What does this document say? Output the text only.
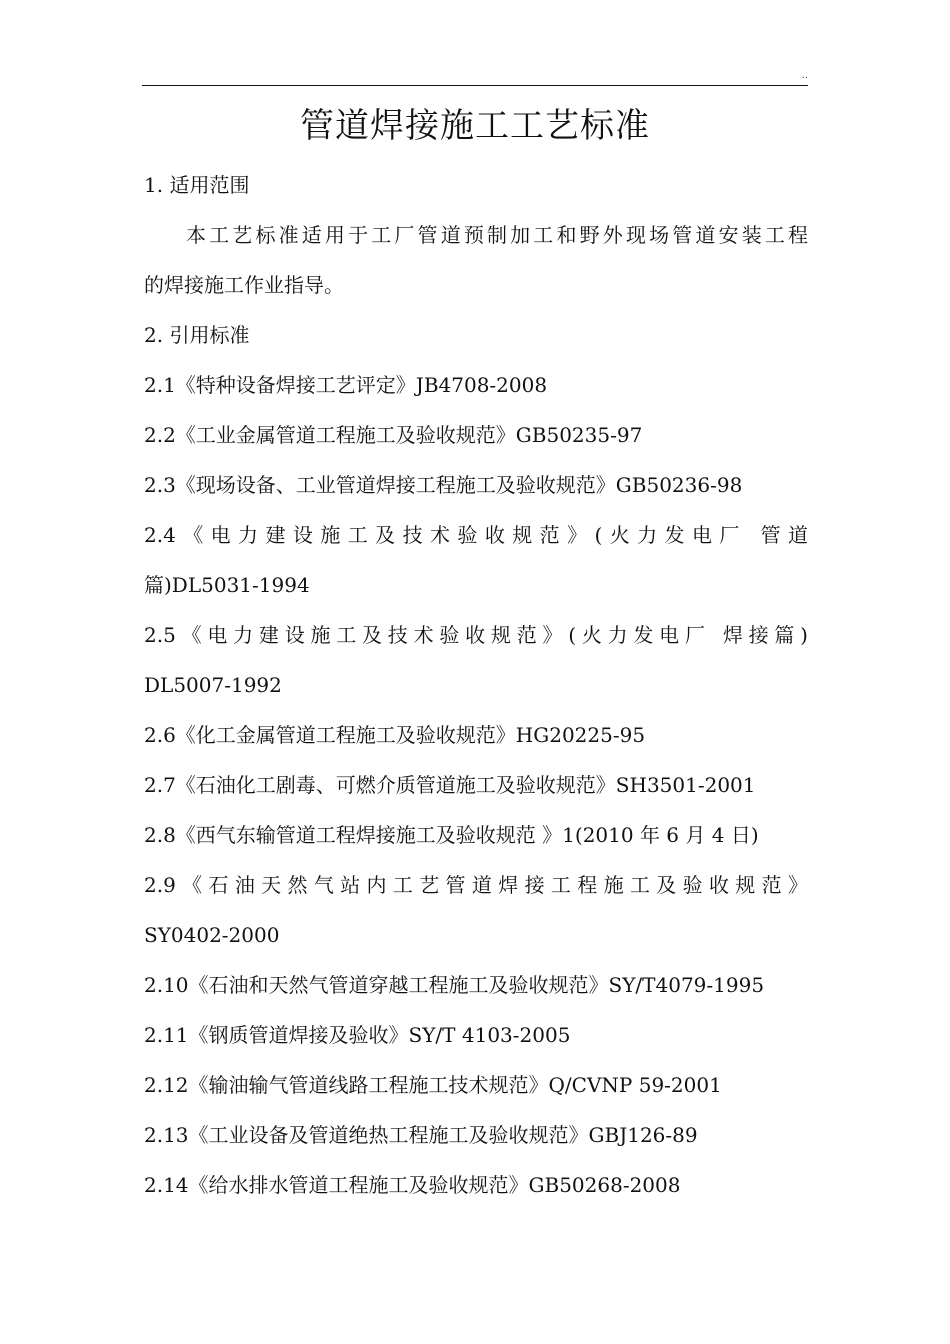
..
管道焊接施工工艺标准

1. 适用范围

本工艺标准适用于工厂管道预制加工和野外现场管道安装工程

的焊接施工作业指导。

2. 引用标准

2.1《特种设备焊接工艺评定》JB4708-2008

2.2《工业金属管道工程施工及验收规范》GB50235-97

2.3《现场设备、工业管道焊接工程施工及验收规范》GB50236-98

2.4《电力建设施工及技术验收规范》(火力发电厂 管道

篇)DL5031-1994

2.5《电力建设施工及技术验收规范》(火力发电厂 焊接篇)

DL5007-1992

2.6《化工金属管道工程施工及验收规范》HG20225-95

2.7《石油化工剧毒、可燃介质管道施工及验收规范》SH3501-2001

2.8《西气东输管道工程焊接施工及验收规范 》1(2010 年 6 月 4 日)

2.9《石油天然气站内工艺管道焊接工程施工及验收规范》

SY0402-2000

2.10《石油和天然气管道穿越工程施工及验收规范》SY/T4079-1995

2.11《钢质管道焊接及验收》SY/T 4103-2005

2.12《输油输气管道线路工程施工技术规范》Q/CVNP 59-2001

2.13《工业设备及管道绝热工程施工及验收规范》GBJ126-89

2.14《给水排水管道工程施工及验收规范》GB50268-2008
